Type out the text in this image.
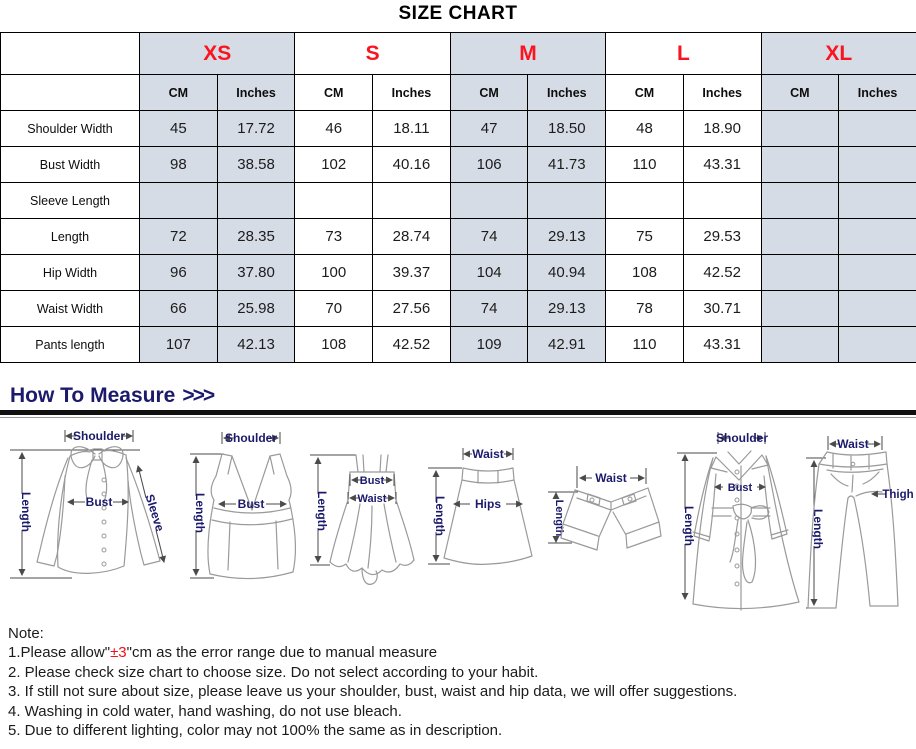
SIZE CHART
	XS		S		M		L		XL	
	CM	Inches	CM	Inches	CM	Inches	CM	Inches	CM	Inches
Shoulder Width	45	17.72	46	18.11	47	18.50	48	18.90		
Bust Width	98	38.58	102	40.16	106	41.73	110	43.31		
Sleeve Length										
Length	72	28.35	73	28.74	74	29.13	75	29.53		
Hip Width	96	37.80	100	39.37	104	40.94	108	42.52		
Waist Width	66	25.98	70	27.56	74	29.13	78	30.71		
Pants length	107	42.13	108	42.52	109	42.91	110	43.31		
How To Measure >>>
Shoulder
Length	Bust	Sleeve
Shoulder
Length	Bust	Length
Bust
Waist
Waist
Length Hips
Waist
Length
Shoulder
Length
Bust
Waist
Length
Thigh
Note:
1.Please allow"±3"cm as the error range due to manual measure
2. Please check size chart to choose size. Do not select according to your habit.
3. If still not sure about size, please leave us your shoulder, bust, waist and hip data, we will offer suggestions.
4. Washing in cold water, hand washing, do not use bleach.
5. Due to different lighting, color may not 100% the same as in description.
